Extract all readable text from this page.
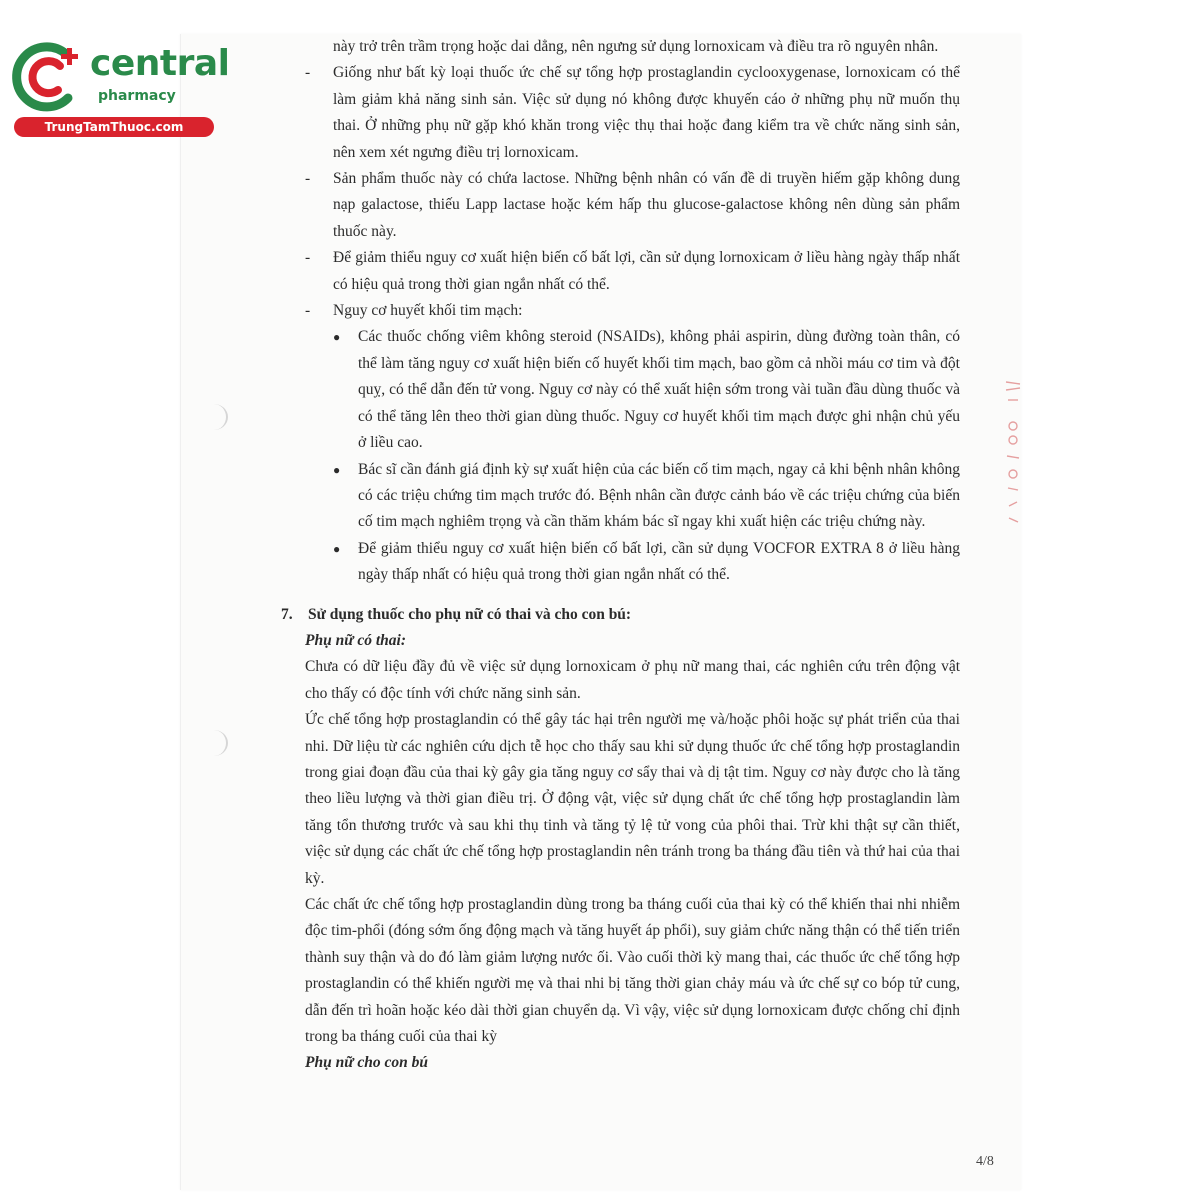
central
pharmacy
TrungTamThuoc.com

này trở trên trầm trọng hoặc dai dẳng, nên ngưng sử dụng lornoxicam và điều tra rõ nguyên nhân.

- Giống như bất kỳ loại thuốc ức chế sự tổng hợp prostaglandin cyclooxygenase, lornoxicam có thể làm giảm khả năng sinh sản. Việc sử dụng nó không được khuyến cáo ở những phụ nữ muốn thụ thai. Ở những phụ nữ gặp khó khăn trong việc thụ thai hoặc đang kiểm tra về chức năng sinh sản, nên xem xét ngưng điều trị lornoxicam.
- Sản phẩm thuốc này có chứa lactose. Những bệnh nhân có vấn đề di truyền hiếm gặp không dung nạp galactose, thiếu Lapp lactase hoặc kém hấp thu glucose-galactose không nên dùng sản phẩm thuốc này.
- Để giảm thiểu nguy cơ xuất hiện biến cố bất lợi, cần sử dụng lornoxicam ở liều hàng ngày thấp nhất có hiệu quả trong thời gian ngắn nhất có thể.
- Nguy cơ huyết khối tim mạch:
● Các thuốc chống viêm không steroid (NSAIDs), không phải aspirin, dùng đường toàn thân, có thể làm tăng nguy cơ xuất hiện biến cố huyết khối tim mạch, bao gồm cả nhồi máu cơ tim và đột quỵ, có thể dẫn đến tử vong. Nguy cơ này có thể xuất hiện sớm trong vài tuần đầu dùng thuốc và có thể tăng lên theo thời gian dùng thuốc. Nguy cơ huyết khối tim mạch được ghi nhận chủ yếu ở liều cao.
● Bác sĩ cần đánh giá định kỳ sự xuất hiện của các biến cố tim mạch, ngay cả khi bệnh nhân không có các triệu chứng tim mạch trước đó. Bệnh nhân cần được cảnh báo về các triệu chứng của biến cố tim mạch nghiêm trọng và cần thăm khám bác sĩ ngay khi xuất hiện các triệu chứng này.
● Để giảm thiểu nguy cơ xuất hiện biến cố bất lợi, cần sử dụng VOCFOR EXTRA 8 ở liều hàng ngày thấp nhất có hiệu quả trong thời gian ngắn nhất có thể.
7. Sử dụng thuốc cho phụ nữ có thai và cho con bú:
Phụ nữ có thai:

Chưa có dữ liệu đầy đủ về việc sử dụng lornoxicam ở phụ nữ mang thai, các nghiên cứu trên động vật cho thấy có độc tính với chức năng sinh sản.

Ức chế tổng hợp prostaglandin có thể gây tác hại trên người mẹ và/hoặc phôi hoặc sự phát triển của thai nhi. Dữ liệu từ các nghiên cứu dịch tễ học cho thấy sau khi sử dụng thuốc ức chế tổng hợp prostaglandin trong giai đoạn đầu của thai kỳ gây gia tăng nguy cơ sẩy thai và dị tật tim. Nguy cơ này được cho là tăng theo liều lượng và thời gian điều trị. Ở động vật, việc sử dụng chất ức chế tổng hợp prostaglandin làm tăng tổn thương trước và sau khi thụ tinh và tăng tỷ lệ tử vong của phôi thai. Trừ khi thật sự cần thiết, việc sử dụng các chất ức chế tổng hợp prostaglandin nên tránh trong ba tháng đầu tiên và thứ hai của thai kỳ.

Các chất ức chế tổng hợp prostaglandin dùng trong ba tháng cuối của thai kỳ có thể khiến thai nhi nhiễm độc tim-phổi (đóng sớm ống động mạch và tăng huyết áp phổi), suy giảm chức năng thận có thể tiến triển thành suy thận và do đó làm giảm lượng nước ối. Vào cuối thời kỳ mang thai, các thuốc ức chế tổng hợp prostaglandin có thể khiến người mẹ và thai nhi bị tăng thời gian chảy máu và ức chế sự co bóp tử cung, dẫn đến trì hoãn hoặc kéo dài thời gian chuyển dạ. Vì vậy, việc sử dụng lornoxicam được chống chỉ định trong ba tháng cuối của thai kỳ

Phụ nữ cho con bú
4/8
